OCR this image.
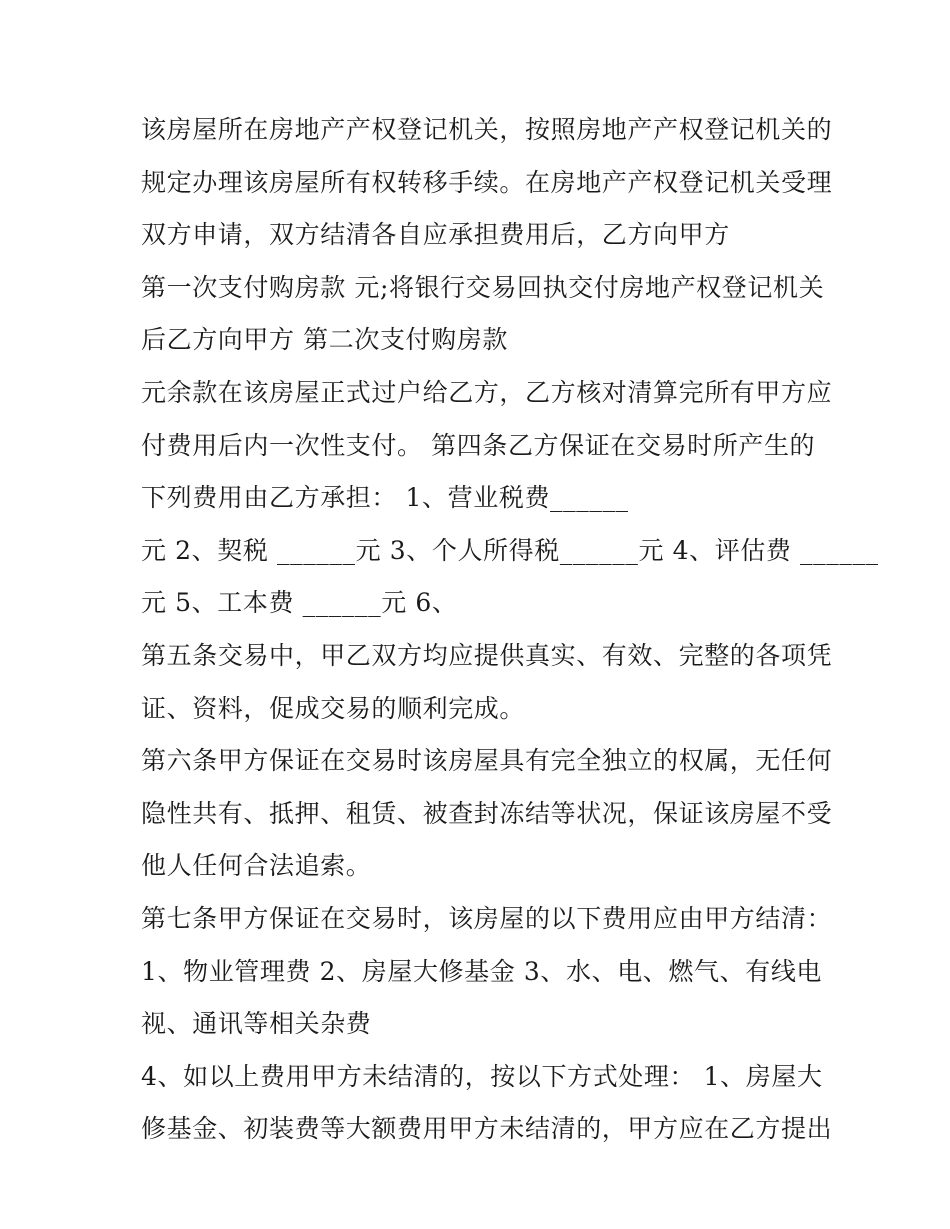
该房屋所在房地产产权登记机关，按照房地产产权登记机关的
规定办理该房屋所有权转移手续。在房地产产权登记机关受理
双方申请，双方结清各自应承担费用后，乙方向甲方
第一次支付购房款 元;将银行交易回执交付房地产权登记机关
后乙方向甲方 第二次支付购房款
元余款在该房屋正式过户给乙方，乙方核对清算完所有甲方应
付费用后内一次性支付。 第四条乙方保证在交易时所产生的
下列费用由乙方承担： 1、营业税费______
元 2、契税 ______元 3、个人所得税______元 4、评估费 ______
元 5、工本费 ______元 6、
第五条交易中，甲乙双方均应提供真实、有效、完整的各项凭
证、资料，促成交易的顺利完成。
第六条甲方保证在交易时该房屋具有完全独立的权属，无任何
隐性共有、抵押、租赁、被查封冻结等状况，保证该房屋不受
他人任何合法追索。
第七条甲方保证在交易时，该房屋的以下费用应由甲方结清：
1、物业管理费 2、房屋大修基金 3、水、电、燃气、有线电
视、通讯等相关杂费
4、如以上费用甲方未结清的，按以下方式处理： 1、房屋大
修基金、初装费等大额费用甲方未结清的，甲方应在乙方提出
